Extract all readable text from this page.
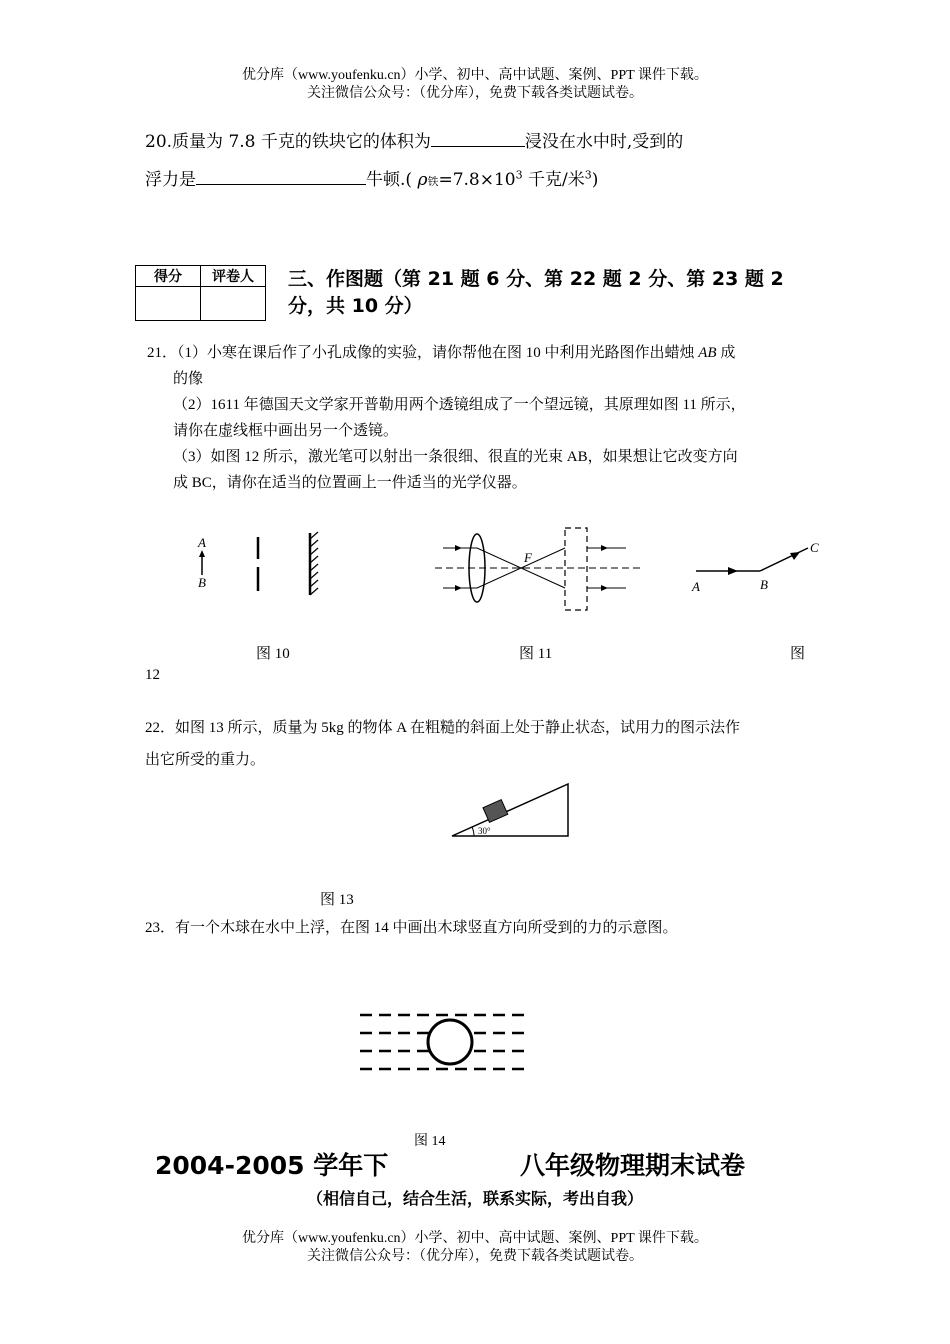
优分库（www.youfenku.cn）小学、初中、高中试题、案例、PPT 课件下载。
关注微信公众号：（优分库），免费下载各类试题试卷。
20.质量为 7.8 千克的铁块它的体积为	浸没在水中时,受到的
浮力是	牛顿.( ρ铁$=7.8\times 10^3$ 千克/米$^3$)
得分	评卷人
	三、作图题（第 21 题 6 分、第 22 题 2 分、第 23 题 2
分，共 10 分）
21．（1）小寒在课后作了小孔成像的实验，请你帮他在图 10 中利用光路图作出蜡烛 AB 成
的像
（2）1611 年德国天文学家开普勒用两个透镜组成了一个望远镜，其原理如图 11 所示，
请你在虚线框中画出另一个透镜。
（3）如图 12 所示，激光笔可以射出一条很细、很直的光束 AB，如果想让它改变方向
成 BC，请你在适当的位置画上一件适当的光学仪器。
A
B
F
A	B
C
图 10	图 11	图
12
22．如图 13 所示，质量为 5kg 的物体 A 在粗糙的斜面上处于静止状态，试用力的图示法作
出它所受的重力。
30°
图 13
23．有一个木球在水中上浮，在图 14 中画出木球竖直方向所受到的力的示意图。
图 14
2004-2005 学年下	八年级物理期末试卷
（相信自己，结合生活，联系实际，考出自我）
优分库（www.youfenku.cn）小学、初中、高中试题、案例、PPT 课件下载。
关注微信公众号：（优分库），免费下载各类试题试卷。
